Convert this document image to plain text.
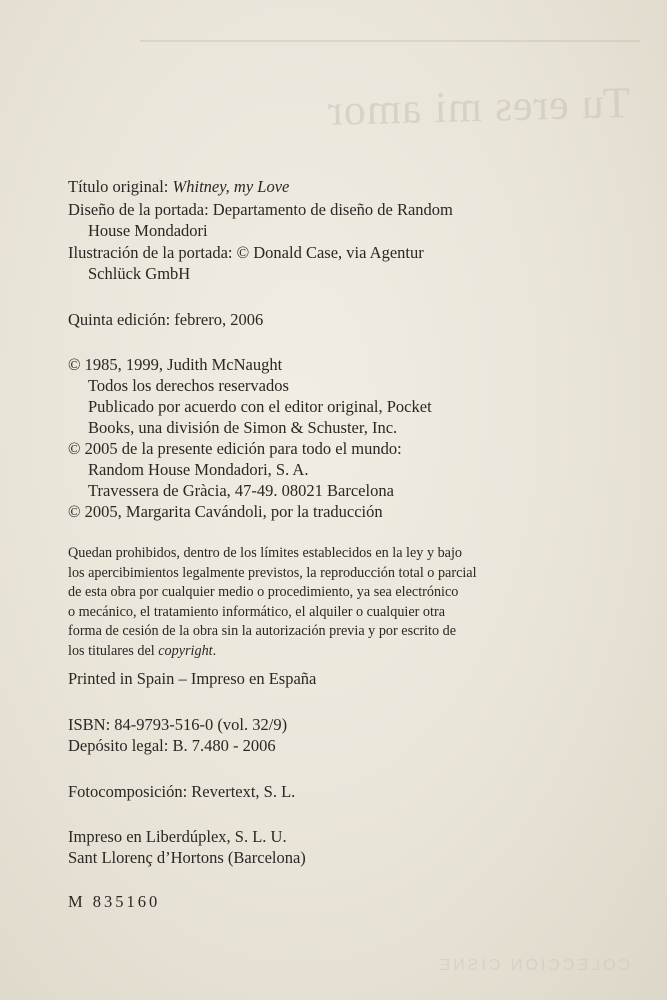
Tu eres mi amor
Título original: Whitney, my Love
Diseño de la portada: Departamento de diseño de Random
House Mondadori
Ilustración de la portada: © Donald Case, via Agentur
Schlück GmbH
Quinta edición: febrero, 2006
© 1985, 1999, Judith McNaught
Todos los derechos reservados
Publicado por acuerdo con el editor original, Pocket
Books, una división de Simon & Schuster, Inc.
© 2005 de la presente edición para todo el mundo:
Random House Mondadori, S. A.
Travessera de Gràcia, 47-49. 08021 Barcelona
© 2005, Margarita Cavándoli, por la traducción
Quedan prohibidos, dentro de los límites establecidos en la ley y bajo
los apercibimientos legalmente previstos, la reproducción total o parcial
de esta obra por cualquier medio o procedimiento, ya sea electrónico
o mecánico, el tratamiento informático, el alquiler o cualquier otra
forma de cesión de la obra sin la autorización previa y por escrito de
los titulares del copyright.
Printed in Spain – Impreso en España
ISBN: 84-9793-516-0 (vol. 32/9)
Depósito legal: B. 7.480 - 2006
Fotocomposición: Revertext, S. L.
Impreso en Liberdúplex, S. L. U.
Sant Llorenç d’Hortons (Barcelona)
M 835160
COLECCIÓN CISNE
